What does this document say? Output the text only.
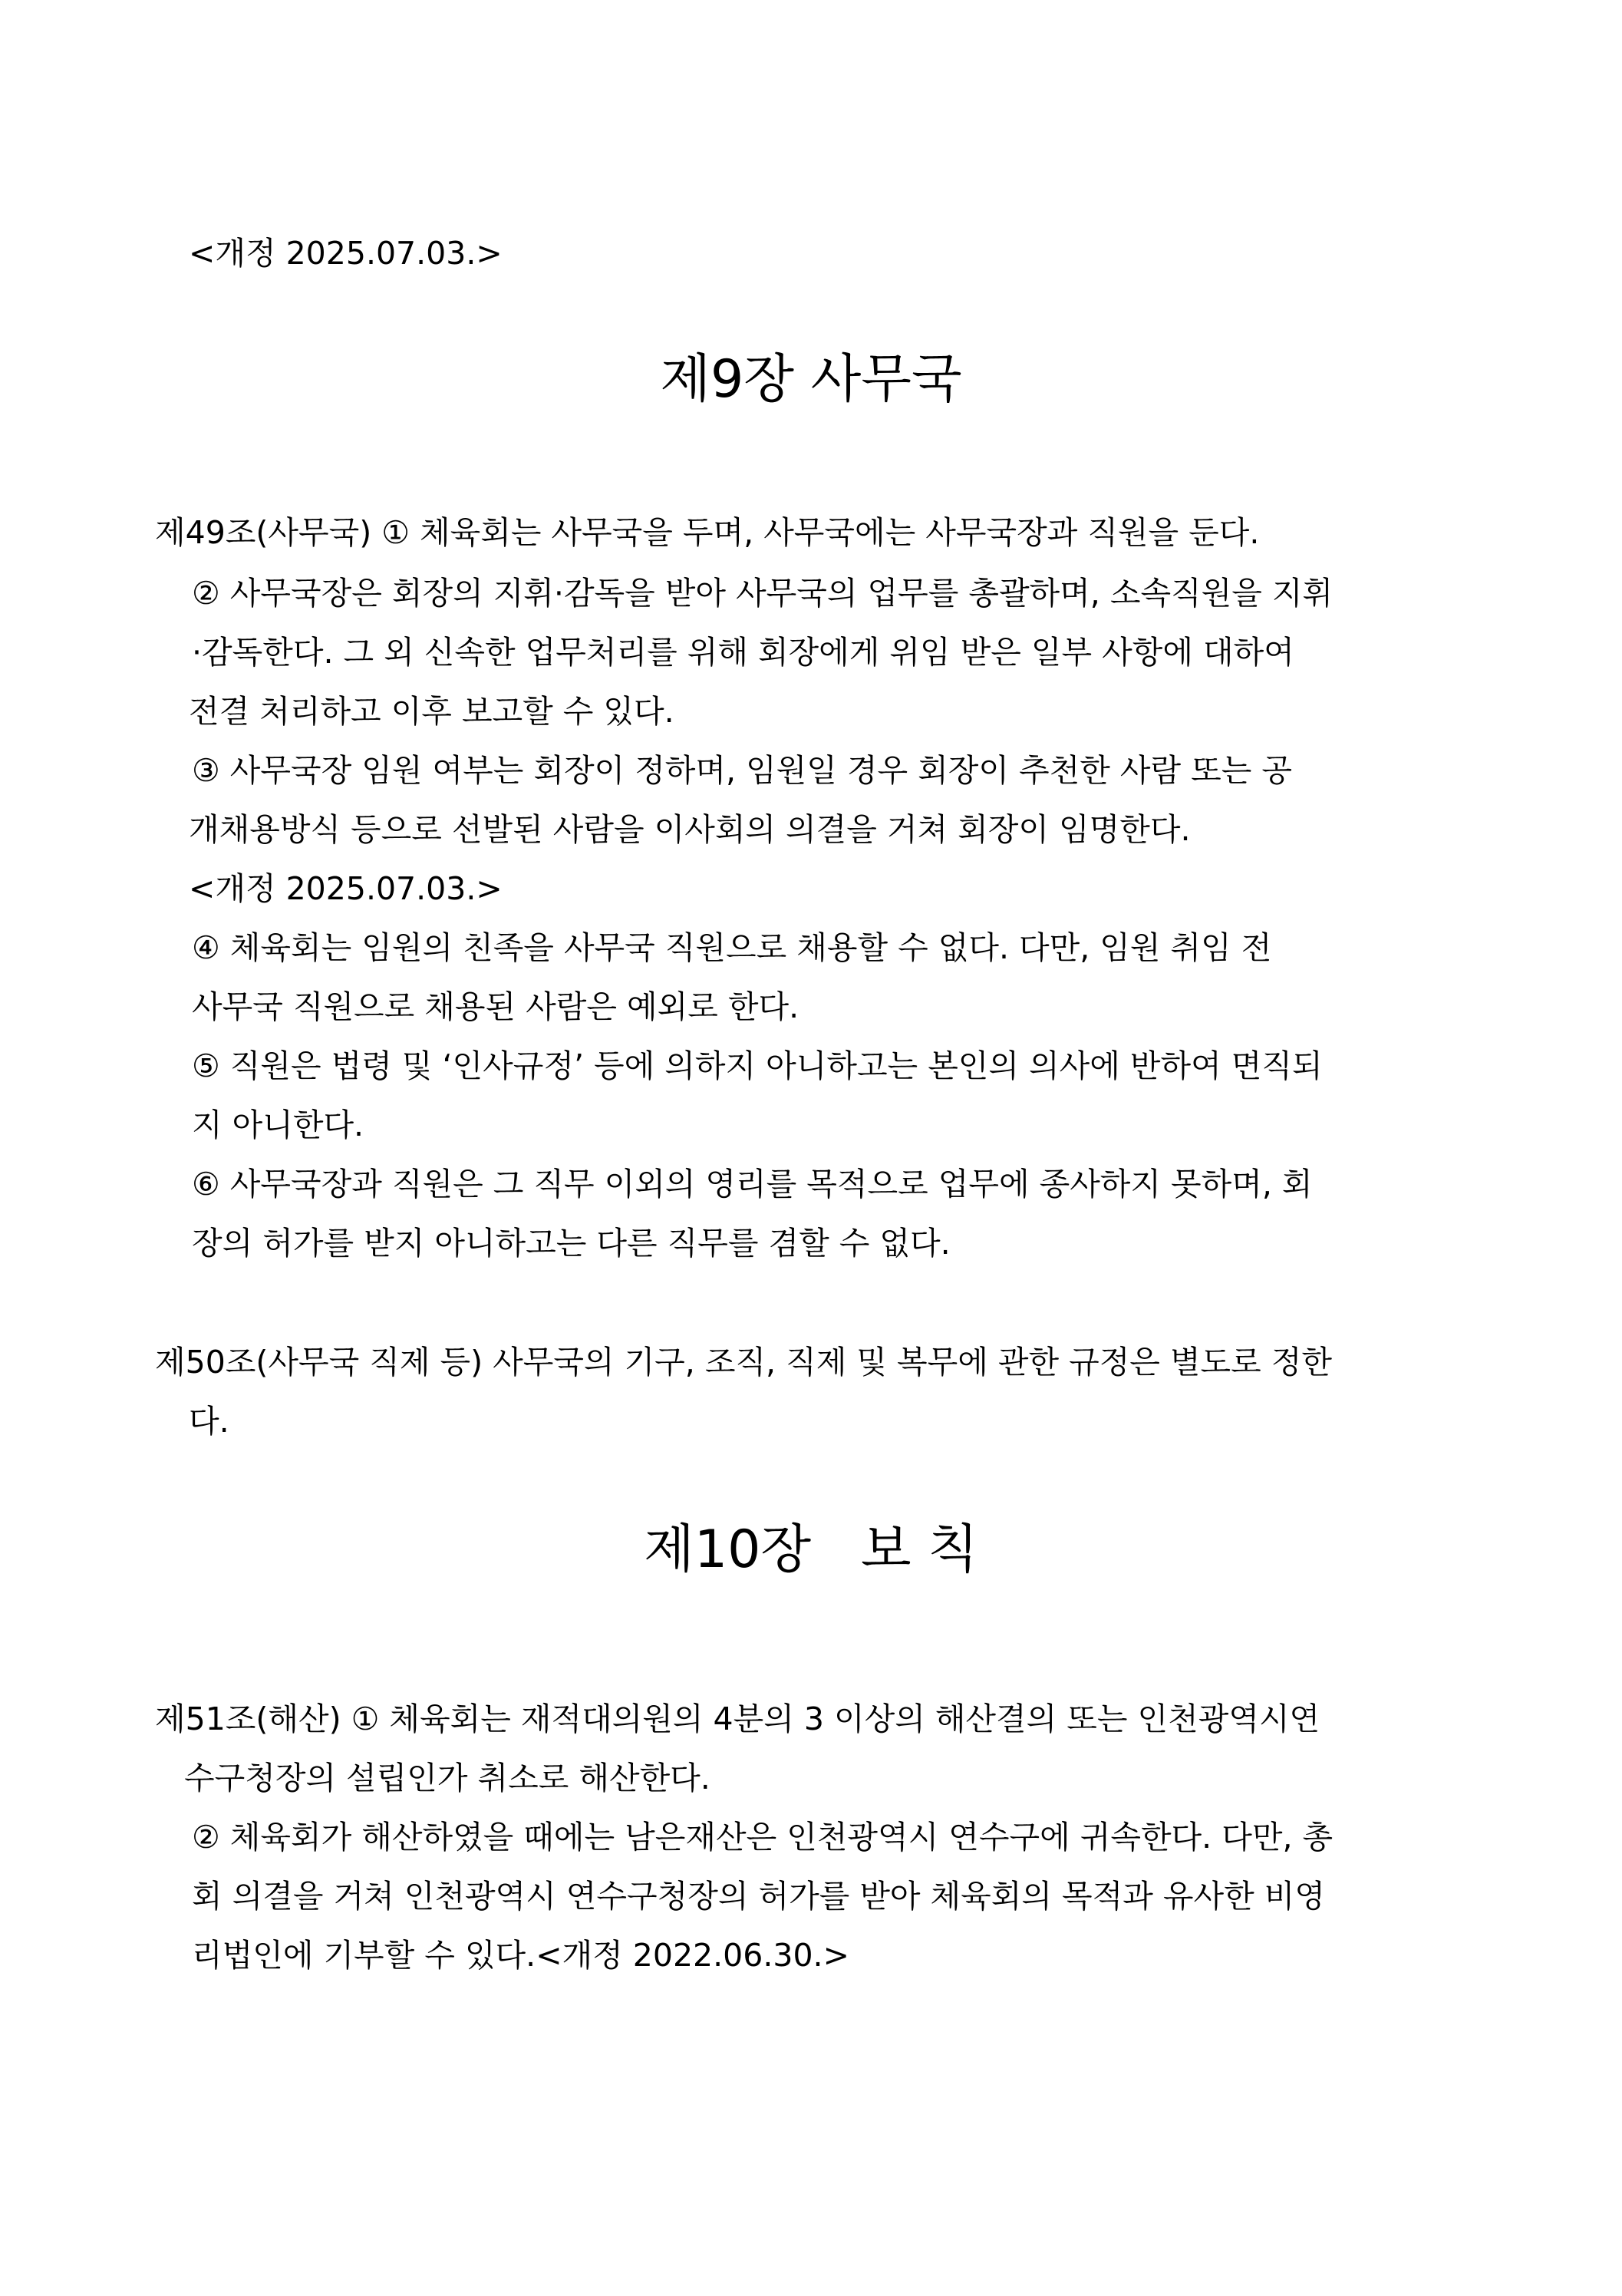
<개정 2025.07.03.>
제9장 사무국
제49조(사무국) ① 체육회는 사무국을 두며, 사무국에는 사무국장과 직원을 둔다.
② 사무국장은 회장의 지휘·감독을 받아 사무국의 업무를 총괄하며, 소속직원을 지휘
·감독한다. 그 외 신속한 업무처리를 위해 회장에게 위임 받은 일부 사항에 대하여
전결 처리하고 이후 보고할 수 있다.
③ 사무국장 임원 여부는 회장이 정하며, 임원일 경우 회장이 추천한 사람 또는 공
개채용방식 등으로 선발된 사람을 이사회의 의결을 거쳐 회장이 임명한다.
<개정 2025.07.03.>
④ 체육회는 임원의 친족을 사무국 직원으로 채용할 수 없다. 다만, 임원 취임 전
사무국 직원으로 채용된 사람은 예외로 한다.
⑤ 직원은 법령 및 ‘인사규정’ 등에 의하지 아니하고는 본인의 의사에 반하여 면직되
지 아니한다.
⑥ 사무국장과 직원은 그 직무 이외의 영리를 목적으로 업무에 종사하지 못하며, 회
장의 허가를 받지 아니하고는 다른 직무를 겸할 수 없다.
제50조(사무국 직제 등) 사무국의 기구, 조직, 직제 및 복무에 관한 규정은 별도로 정한
다.
제10장   보 칙
제51조(해산) ① 체육회는 재적대의원의 4분의 3 이상의 해산결의 또는 인천광역시연
수구청장의 설립인가 취소로 해산한다.
② 체육회가 해산하였을 때에는 남은재산은 인천광역시 연수구에 귀속한다. 다만, 총
회 의결을 거쳐 인천광역시 연수구청장의 허가를 받아 체육회의 목적과 유사한 비영
리법인에 기부할 수 있다.<개정 2022.06.30.>
